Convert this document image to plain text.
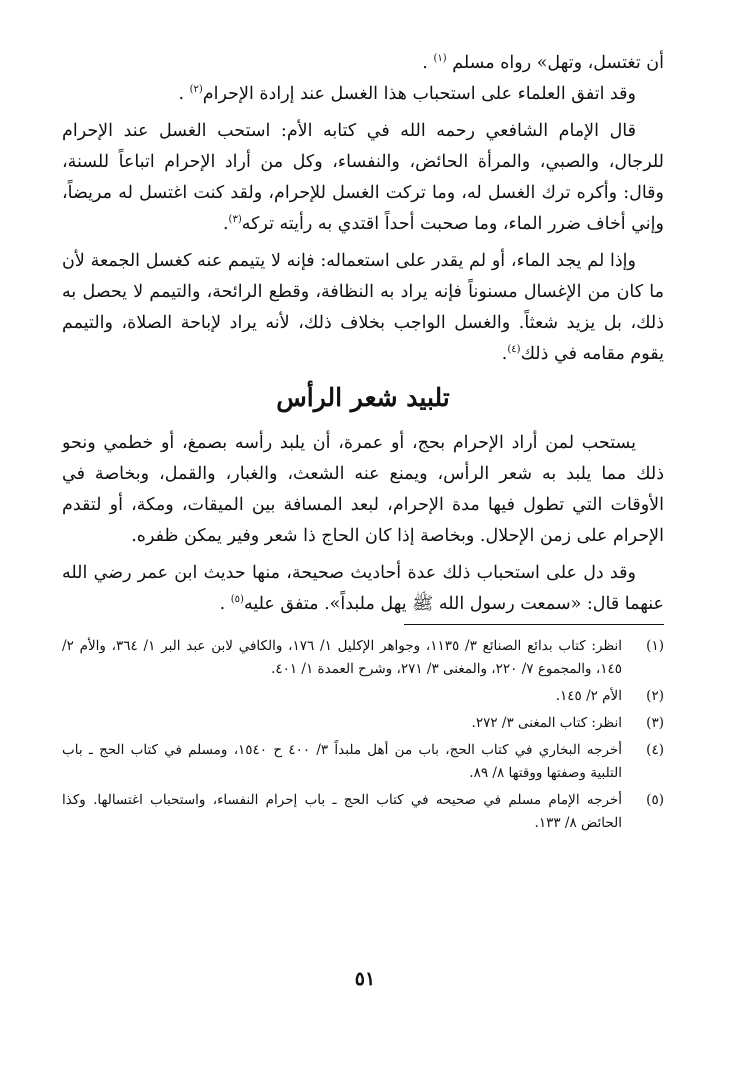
أن تغتسل، وتهل» رواه مسلم $^{(١)}$ .

وقد اتفق العلماء على استحباب هذا الغسل عند إرادة الإحرام$^{(٢)}$ .

قال الإمام الشافعي رحمه الله في كتابه الأم: استحب الغسل عند الإحرام للرجال، والصبي، والمرأة الحائض، والنفساء، وكل من أراد الإحرام اتباعاً للسنة، وقال: وأكره ترك الغسل له، وما تركت الغسل للإحرام، ولقد كنت اغتسل له مريضاً، وإني أخاف ضرر الماء، وما صحبت أحداً اقتدي به رأيته تركه$^{(٣)}$.

وإذا لم يجد الماء، أو لم يقدر على استعماله: فإنه لا يتيمم عنه كغسل الجمعة لأن ما كان من الإغسال مسنوناً فإنه يراد به النظافة، وقطع الرائحة، والتيمم لا يحصل به ذلك، بل يزيد شعثاً. والغسل الواجب بخلاف ذلك، لأنه يراد لإباحة الصلاة، والتيمم يقوم مقامه في ذلك$^{(٤)}$.

تلبيد شعر الرأس

يستحب لمن أراد الإحرام بحج، أو عمرة، أن يلبد رأسه بصمغ، أو خطمي ونحو ذلك مما يلبد به شعر الرأس، ويمنع عنه الشعث، والغبار، والقمل، وبخاصة في الأوقات التي تطول فيها مدة الإحرام، لبعد المسافة بين الميقات، ومكة، أو لتقدم الإحرام على زمن الإحلال. وبخاصة إذا كان الحاج ذا شعر وفير يمكن ظفره.

وقد دل على استحباب ذلك عدة أحاديث صحيحة، منها حديث ابن عمر رضي الله عنهما قال: «سمعت رسول الله ﷺ يهل ملبداً». متفق عليه$^{(٥)}$ .

(١)
انظر: كتاب بدائع الصنائع ٣/ ١١٣٥، وجواهر الإكليل ١/ ١٧٦، والكافي لابن عبد البر ١/ ٣٦٤، والأم ٢/ ١٤٥، والمجموع ٧/ ٢٢٠، والمغنى ٣/ ٢٧١، وشرح العمدة ١/ ٤٠١.
(٢)
الأم ٢/ ١٤٥.
(٣)
انظر: كتاب المغنى ٣/ ٢٧٢.
(٤)
أخرجه البخاري في كتاب الحج، باب من أهل ملبداً ٣/ ٤٠٠ ح ١٥٤٠، ومسلم في كتاب الحج ـ باب التلبية وصفتها ووقتها ٨/ ٨٩.
(٥)
أخرجه الإمام مسلم في صحيحه في كتاب الحج ـ باب إحرام النفساء، واستحباب اغتسالها. وكذا الحائض ٨/ ١٣٣.
٥١
